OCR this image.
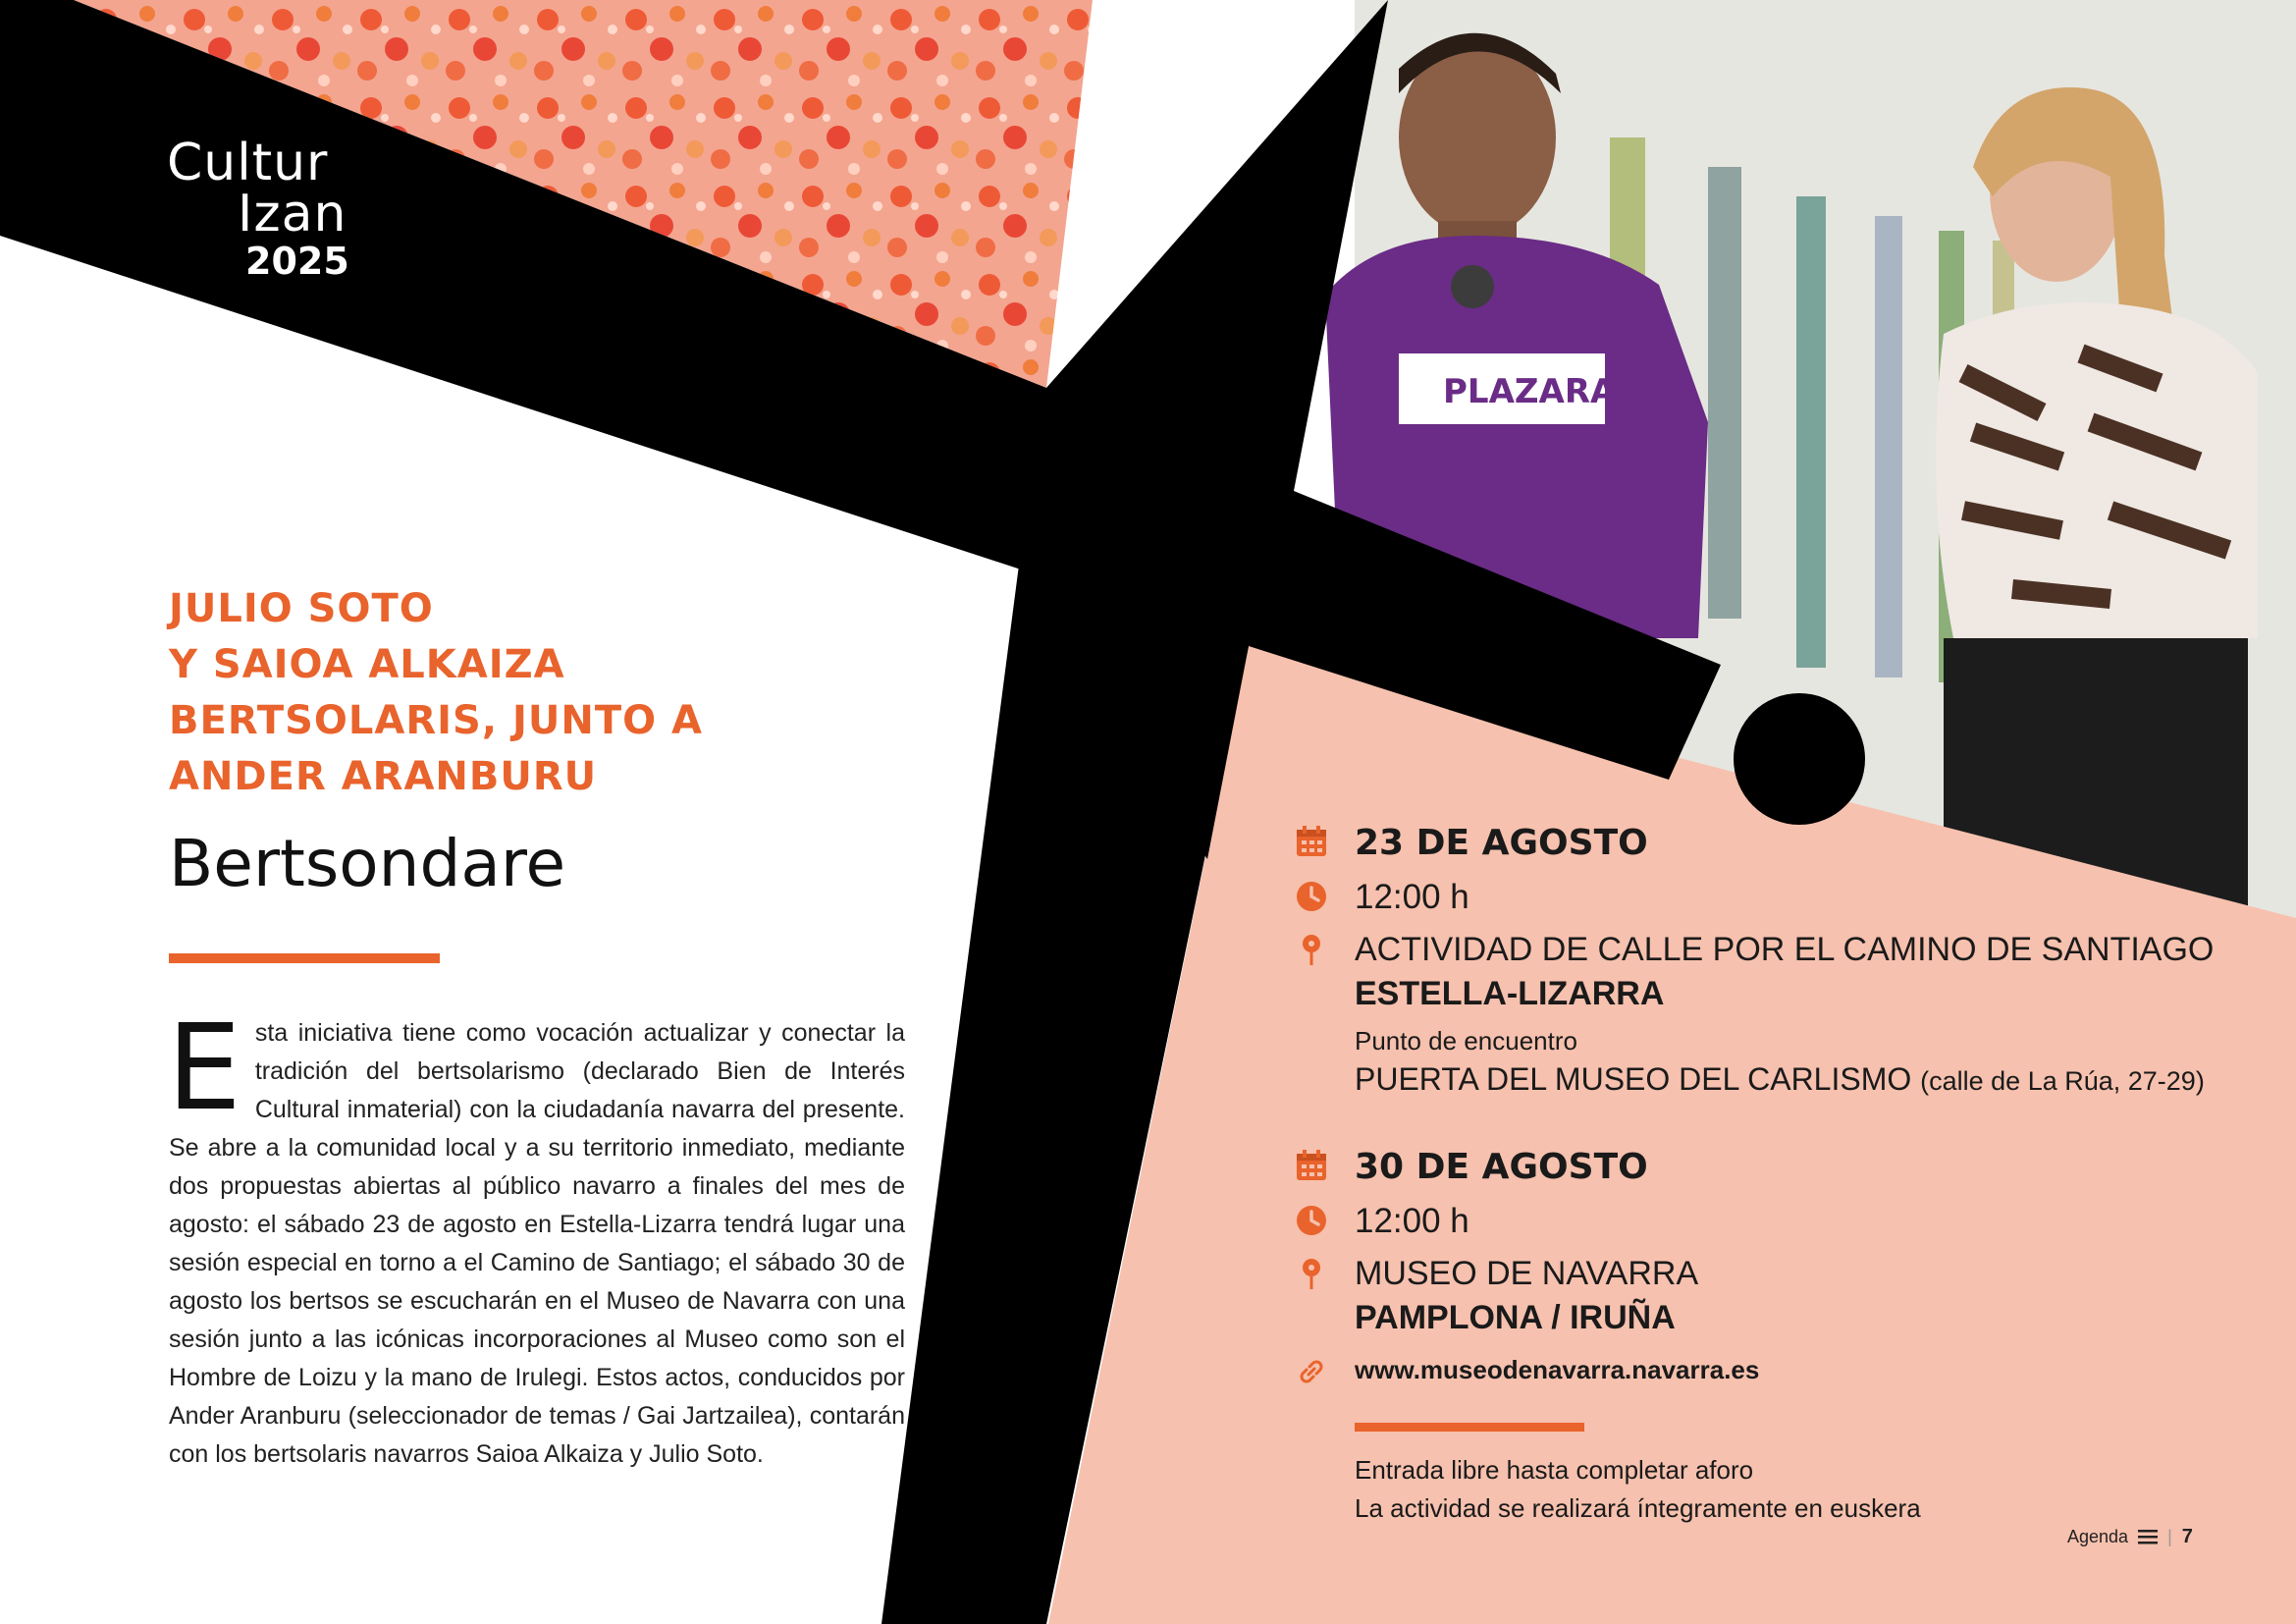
PLAZARATU
Cultur
Izan
2025
JULIO SOTO
Y SAIOA ALKAIZA
BERTSOLARIS, JUNTO A
ANDER ARANBURU
Bertsondare
E sta iniciativa tiene como vocación actualizar y conectar la tradición del bertsolarismo (declarado Bien de Interés Cultural inmaterial) con la ciudadanía navarra del presente. Se abre a la comunidad local y a su territorio inmediato, mediante dos propuestas abiertas al público navarro a finales del mes de agosto: el sábado 23 de agosto en Estella-Lizarra tendrá lugar una sesión especial en torno a el Camino de Santiago; el sábado 30 de agosto los bertsos se escucharán en el Museo de Navarra con una sesión junto a las icónicas incorporaciones al Museo como son el Hombre de Loizu y la mano de Irulegi. Estos actos, conducidos por Ander Aranburu (seleccionador de temas / Gai Jartzailea), contarán con los bertsolaris navarros Saioa Alkaiza y Julio Soto.
23 DE AGOSTO
12:00 h
ACTIVIDAD DE CALLE POR EL CAMINO DE SANTIAGO
ESTELLA-LIZARRA
Punto de encuentro
PUERTA DEL MUSEO DEL CARLISMO (calle de La Rúa, 27-29)
30 DE AGOSTO
12:00 h
MUSEO DE NAVARRA
PAMPLONA / IRUÑA
www.museodenavarra.navarra.es
Entrada libre hasta completar aforo
La actividad se realizará íntegramente en euskera
Agenda | 7
